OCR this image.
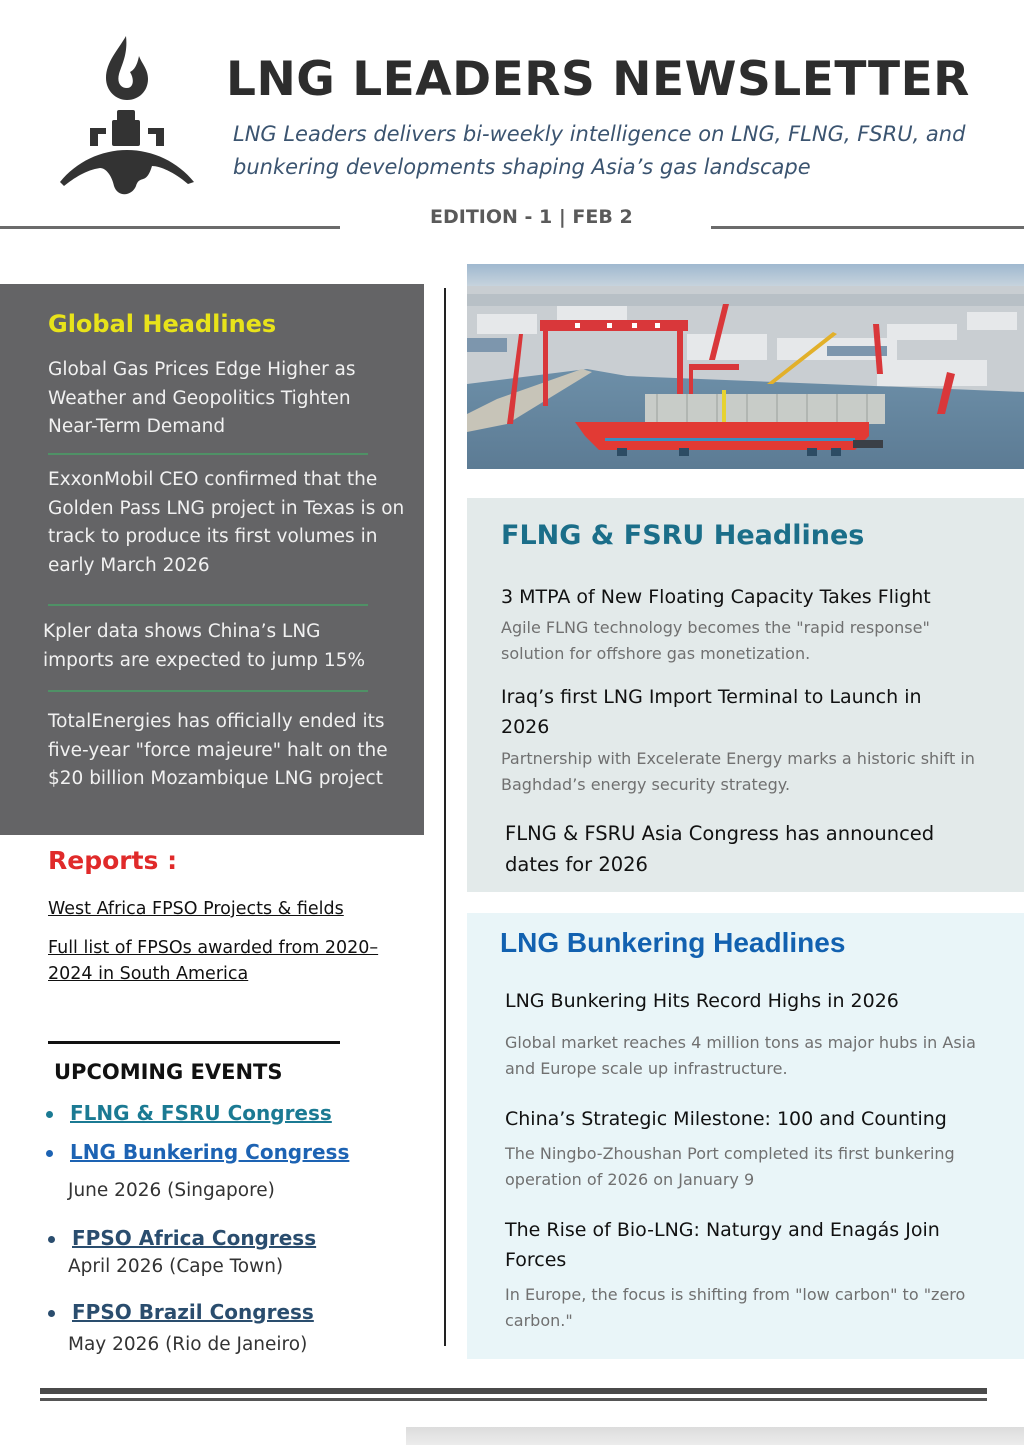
LNG LEADERS NEWSLETTER
LNG Leaders delivers bi-weekly intelligence on LNG, FLNG, FSRU, and
bunkering developments shaping Asia’s gas landscape
EDITION - 1 | FEB 2
Global Headlines
Global Gas Prices Edge Higher as Weather and Geopolitics Tighten Near-Term Demand
ExxonMobil CEO confirmed that the Golden Pass LNG project in Texas is on track to produce its first volumes in early March 2026
Kpler data shows China’s LNG imports are expected to jump 15%
TotalEnergies has officially ended its five-year "force majeure" halt on the $20 billion Mozambique LNG project
Reports :
West Africa FPSO Projects & fields
Full list of FPSOs awarded from 2020–2024 in South America
UPCOMING EVENTS
FLNG & FSRU Congress
LNG Bunkering Congress
June 2026 (Singapore)
FPSO Africa Congress
April 2026 (Cape Town)
FPSO Brazil Congress
May 2026 (Rio de Janeiro)
FLNG & FSRU Headlines
3 MTPA of New Floating Capacity Takes Flight
Agile FLNG technology becomes the "rapid response" solution for offshore gas monetization.
Iraq’s first LNG Import Terminal to Launch in 2026
Partnership with Excelerate Energy marks a historic shift in Baghdad’s energy security strategy.
FLNG & FSRU Asia Congress has announced dates for 2026
LNG Bunkering Headlines
LNG Bunkering Hits Record Highs in 2026
Global market reaches 4 million tons as major hubs in Asia and Europe scale up infrastructure.
China’s Strategic Milestone: 100 and Counting
The Ningbo-Zhoushan Port completed its first bunkering operation of 2026 on January 9
The Rise of Bio-LNG: Naturgy and Enagás Join Forces
In Europe, the focus is shifting from "low carbon" to "zero carbon."
